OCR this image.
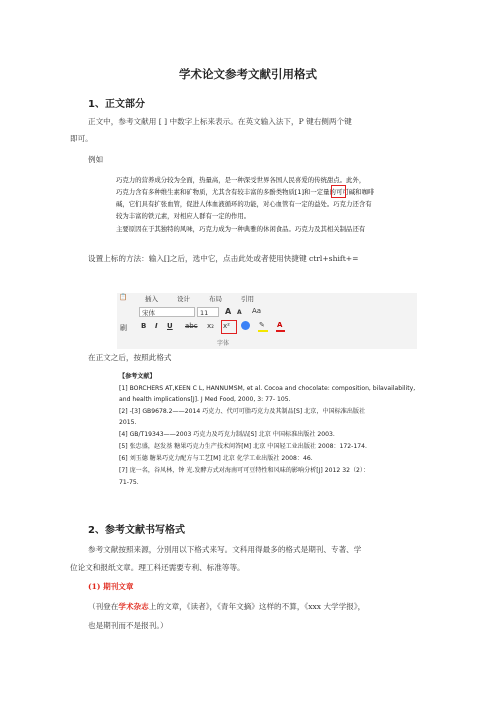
学术论文参考文献引用格式
1、正文部分
正文中，参考文献用 [ ] 中数字上标来表示。在英文输入法下，P 键右侧两个键
即可。
例如
巧克力的营养成分较为全面，热量高，是一种深受世界各国人民喜爱的传统甜点。此外，
巧克力含有多种维生素和矿物质，尤其含有较丰富的多酚类物质[1]和一定量的可可碱和咖啡
碱，它们具有扩张血管，促进人体血液循环的功能，对心血管有一定的益处。巧克力还含有
较为丰富的铁元素，对相应人群有一定的作用。
主要原因在于其独特的风味，巧克力成为一种典雅的休闲食品。巧克力及其相关制品还有
设置上标的方法：输入[]之后，选中它，点击此处或者使用快捷键 ctrl+shift+=
📋	插入	设计	布局	引用
宋体	11	A A Aa
刷 B I U abc x₂ x²	✎ A
字体
在正文之后，按照此格式
【参考文献】
[1] BORCHERS AT,KEEN C L, HANNUMSM, et al. Cocoa and chocolate: composition, bilavailability,
and health implications[J]. J Med Food, 2000, 3: 77- 105.
[2] -[3] GB9678.2——2014 巧克力、代可可脂巧克力及其制品[S] 北京，中国标准出版社
2015.
[4] GB/T19343——2003 巧克力及巧克力制品[S] 北京 中国标准出版社 2003.
[5] 张忠盛，赵发基 糖果巧克力生产技术问答[M] 北京 中国轻工业出版社 2008：172-174.
[6] 刘玉德 糖果巧克力配方与工艺[M] 北京 化学工业出版社 2008：46.
[7] 庞一名，谷风林，钟 光.发酵方式对海南可可豆特性和风味的影响分析[J] 2012 32（2）：
71-75.
2、参考文献书写格式
参考文献按照来源，分別用以下格式来写。文科用得最多的格式是期刊、专著、学
位论文和报纸文章。理工科还需要专利、标准等等。
(1) 期刊文章
（刊登在学术杂志上的文章，《读者》，《青年文摘》这样的不算，《xxx 大学学报》，
也是期刊而不是报刊。）
